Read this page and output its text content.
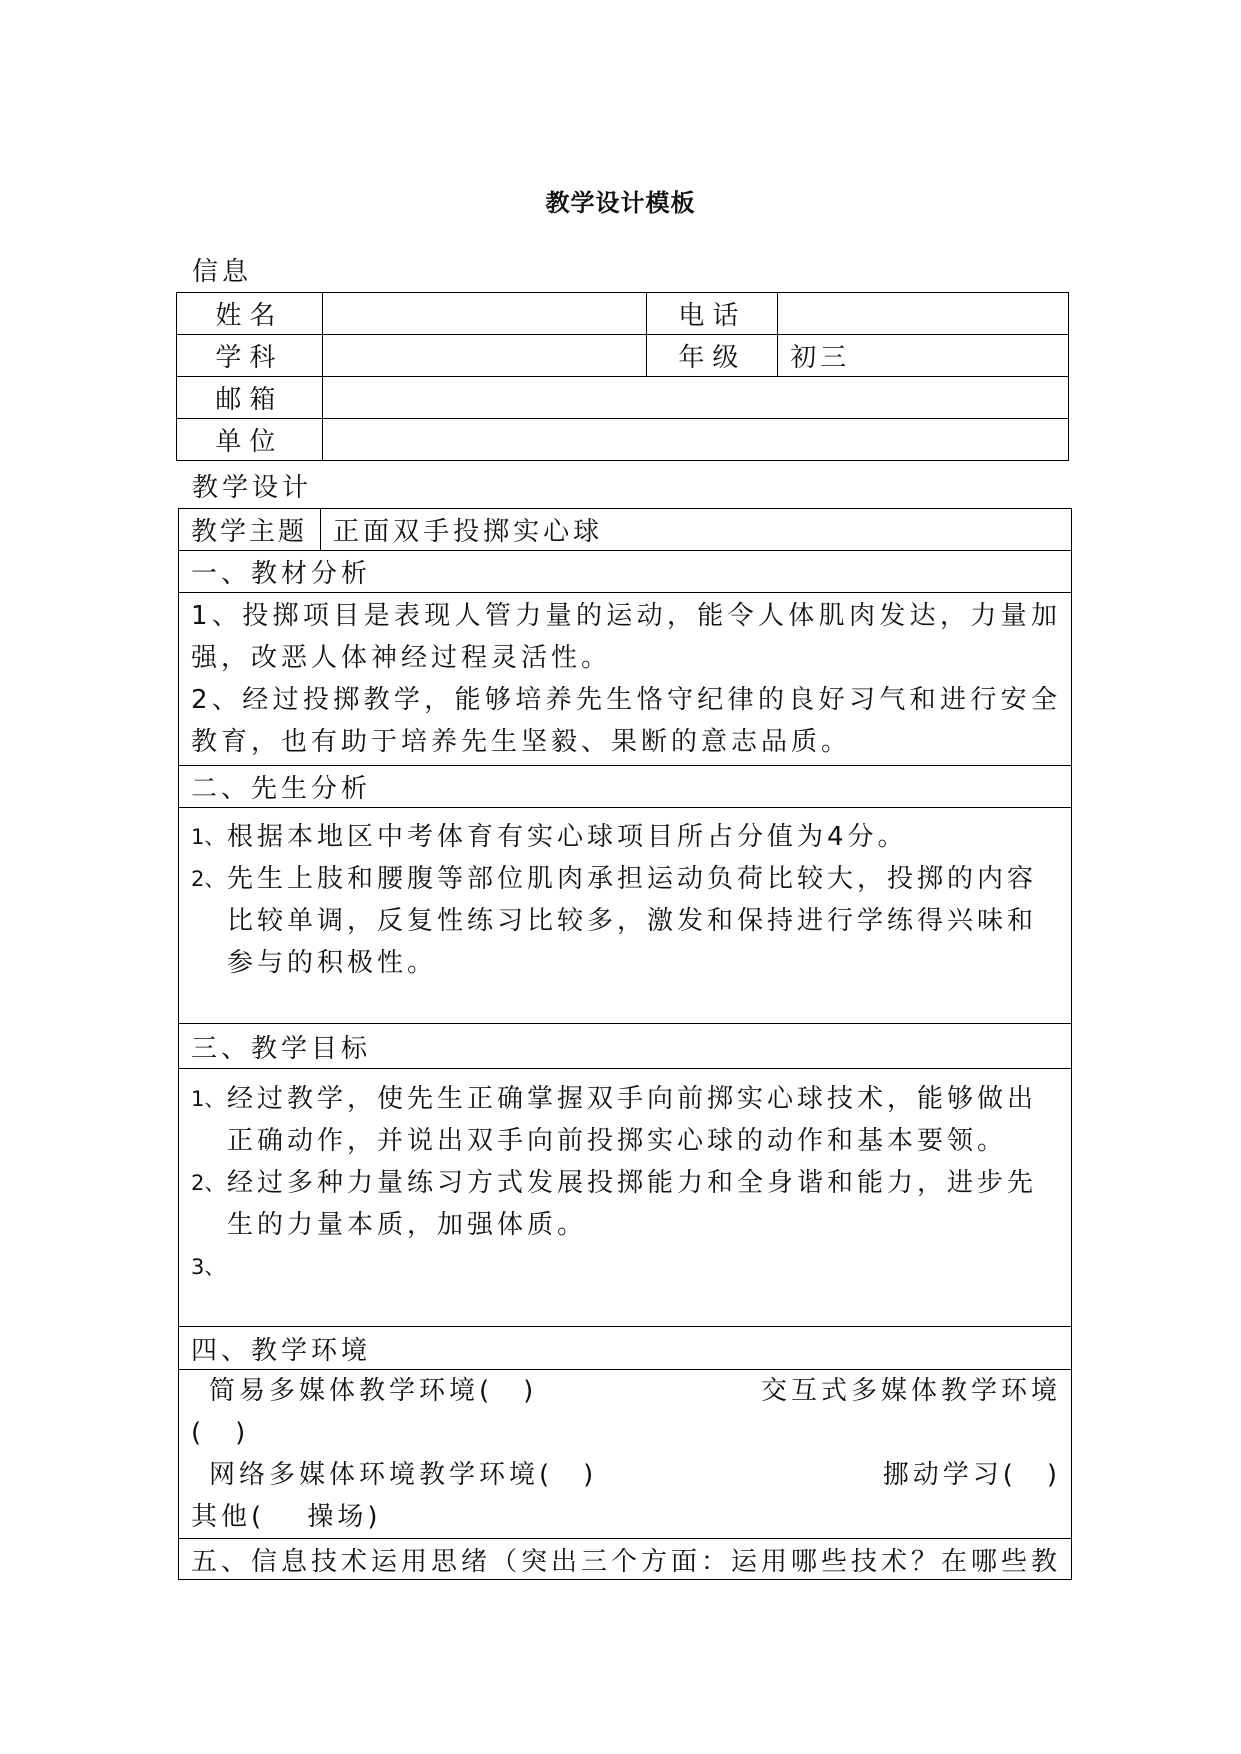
教学设计模板
信息
姓名		电话	
学科		年级	初三
邮箱			
单位			
教学设计
教学主题	正面双手投掷实心球
一、教材分析

1、投掷项目是表现人管力量的运动，能令人体肌肉发达，力量加强，改恶人体神经过程灵活性。

2、经过投掷教学，能够培养先生恪守纪律的良好习气和进行安全教育，也有助于培养先生坚毅、果断的意志品质。

二、先生分析

1、 根据本地区中考体育有实心球项目所占分值为4分。
2、 先生上肢和腰腹等部位肌肉承担运动负荷比较大，投掷的内容比较单调，反复性练习比较多，激发和保持进行学练得兴味和参与的积极性。

三、教学目标

1、 经过教学，使先生正确掌握双手向前掷实心球技术，能够做出正确动作，并说出双手向前投掷实心球的动作和基本要领。
2、 经过多种力量练习方式发展投掷能力和全身谐和能力，进步先生的力量本质，加强体质。
3、

四、教学环境

简易多媒体教学环境(　)	交互式多媒体教学环境
(　)
网络多媒体环境教学环境(　)	挪动学习(　)
其他(　 操场)

五、信息技术运用思绪（突出三个方面：运用哪些技术？在哪些教
